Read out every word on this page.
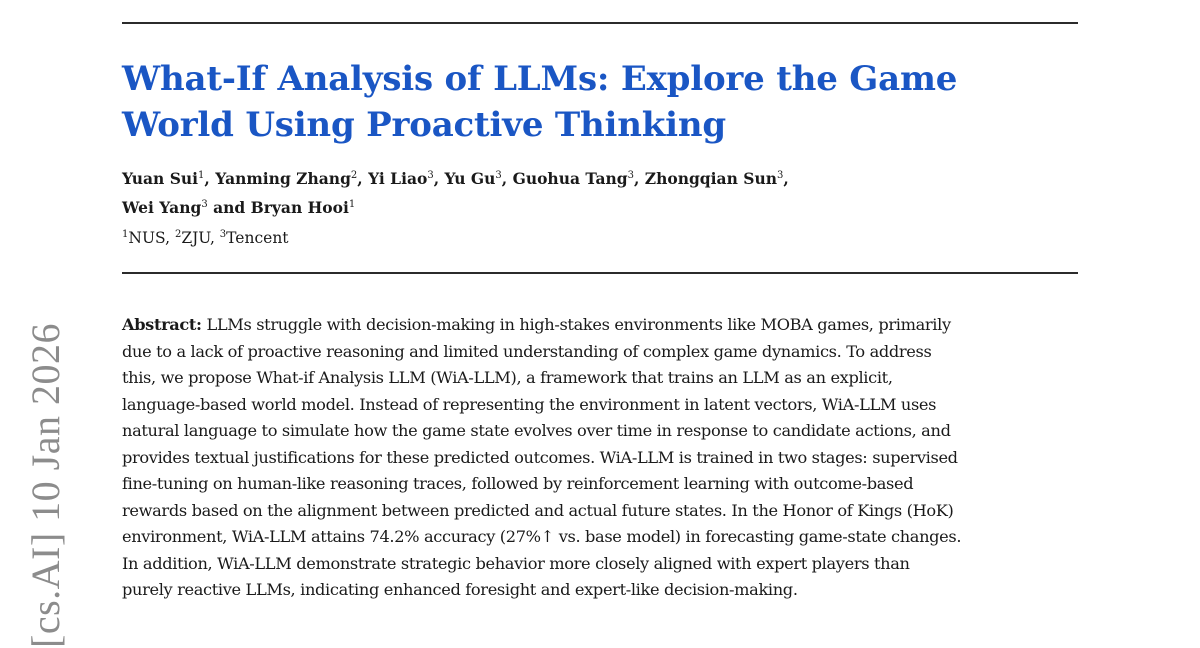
What-If Analysis of LLMs: Explore the Game
World Using Proactive Thinking
Yuan Sui$^1$, Yanming Zhang$^2$, Yi Liao$^3$, Yu Gu$^3$, Guohua Tang$^3$, Zhongqian Sun$^3$,
Wei Yang$^3$ and Bryan Hooi$^1$
$^1$NUS, $^2$ZJU, $^3$Tencent
Abstract: LLMs struggle with decision-making in high-stakes environments like MOBA games, primarily
due to a lack of proactive reasoning and limited understanding of complex game dynamics. To address
this, we propose What-if Analysis LLM (WiA-LLM), a framework that trains an LLM as an explicit,
language-based world model. Instead of representing the environment in latent vectors, WiA-LLM uses
natural language to simulate how the game state evolves over time in response to candidate actions, and
provides textual justifications for these predicted outcomes. WiA-LLM is trained in two stages: supervised
fine-tuning on human-like reasoning traces, followed by reinforcement learning with outcome-based
rewards based on the alignment between predicted and actual future states. In the Honor of Kings (HoK)
environment, WiA-LLM attains 74.2% accuracy (27%↑ vs. base model) in forecasting game-state changes.
In addition, WiA-LLM demonstrate strategic behavior more closely aligned with expert players than
purely reactive LLMs, indicating enhanced foresight and expert-like decision-making.
[cs.AI] 10 Jan 2026
